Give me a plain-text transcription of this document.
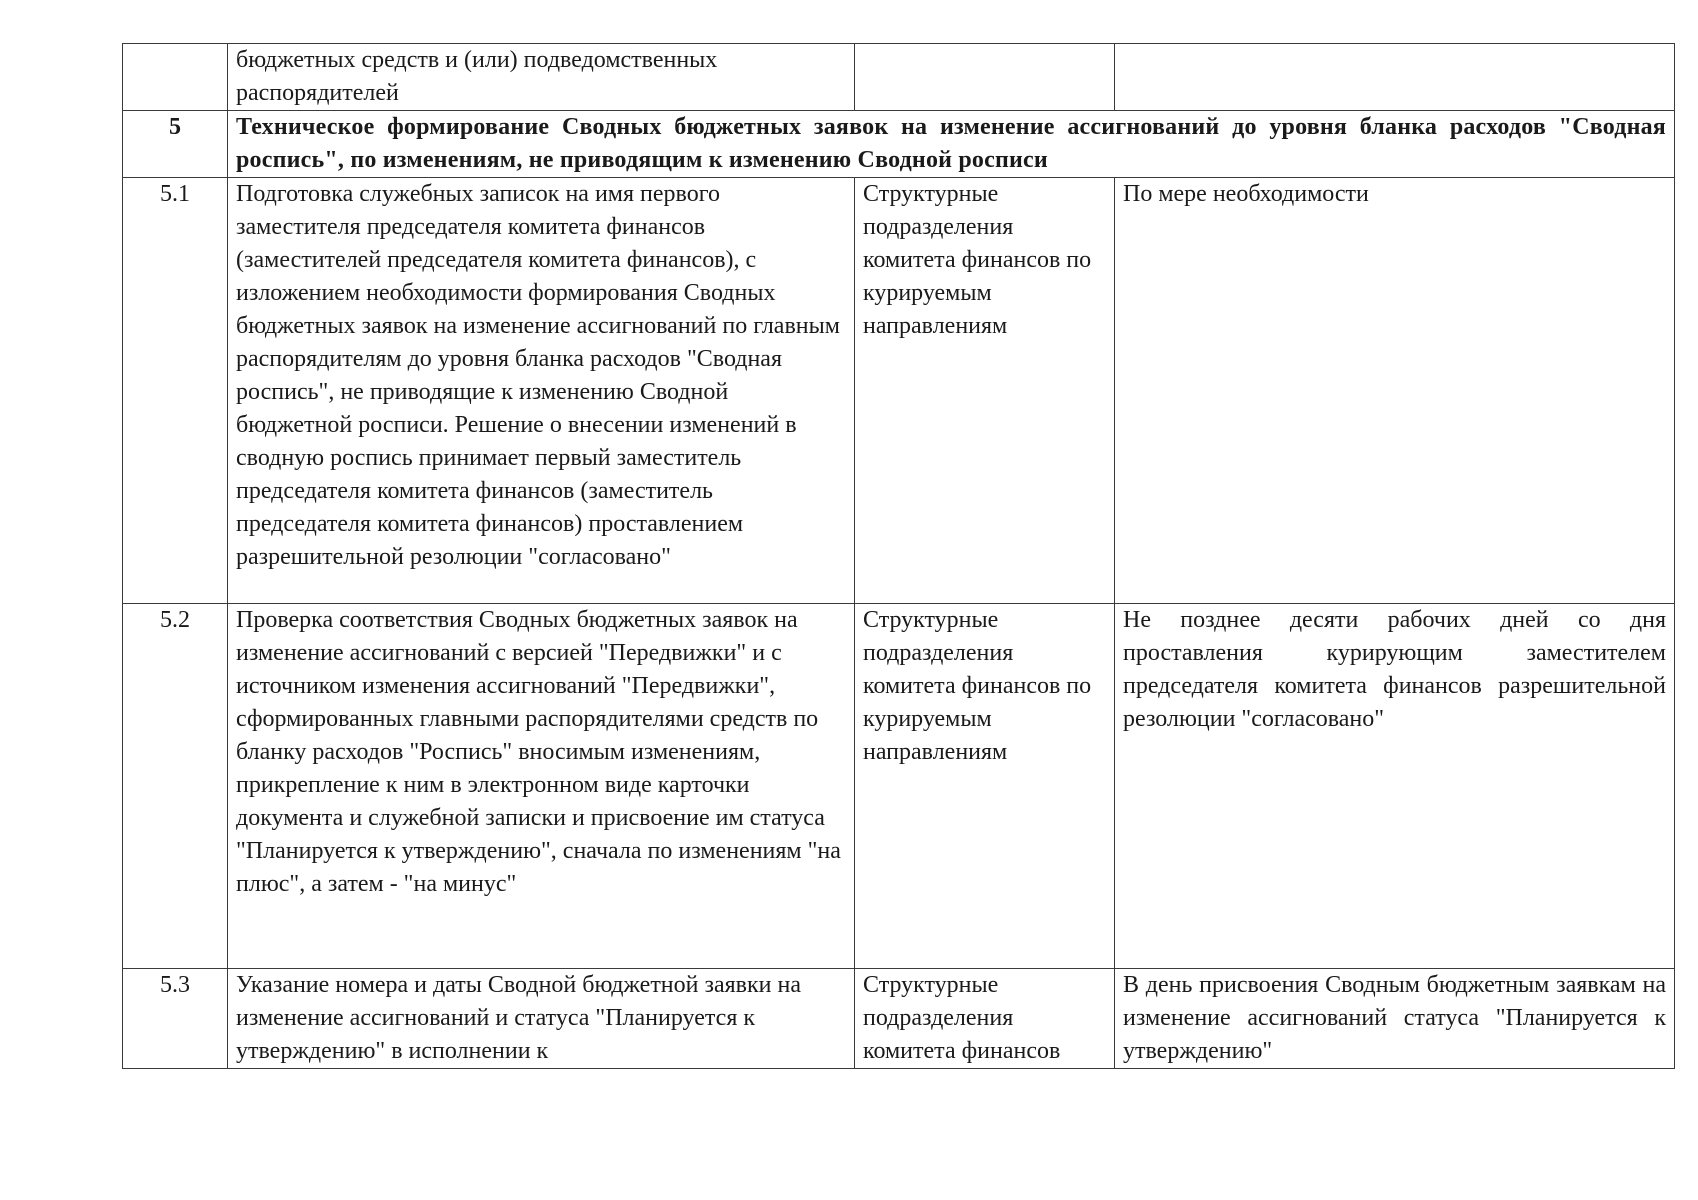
	бюджетных средств и (или) подведомственных распорядителей		

5	Техническое формирование Сводных бюджетных заявок на изменение ассигнований до уровня бланка расходов "Сводная роспись", по изменениям, не приводящим к изменению Сводной росписи		

5.1	Подготовка служебных записок на имя первого заместителя председателя комитета финансов (заместителей председателя комитета финансов), с изложением необходимости формирования Сводных бюджетных заявок на изменение ассигнований по главным распорядителям до уровня бланка расходов "Сводная роспись", не приводящие к изменению Сводной бюджетной росписи. Решение о внесении изменений в сводную роспись принимает первый заместитель председателя комитета финансов (заместитель председателя комитета финансов) проставлением разрешительной резолюции "согласовано"	Структурные подразделения комитета финансов по курируемым направлениям	По мере необходимости

5.2	Проверка соответствия Сводных бюджетных заявок на изменение ассигнований с версией "Передвижки" и с источником изменения ассигнований "Передвижки", сформированных главными распорядителями средств по бланку расходов "Роспись" вносимым изменениям, прикрепление к ним в электронном виде карточки документа и служебной записки и присвоение им статуса "Планируется к утверждению", сначала по изменениям "на плюс", а затем - "на минус"	Структурные подразделения комитета финансов по курируемым направлениям	Не позднее десяти рабочих дней со дня проставления курирующим заместителем председателя комитета финансов разрешительной резолюции "согласовано"

5.3	Указание номера и даты Сводной бюджетной заявки на изменение ассигнований и статуса "Планируется к утверждению" в исполнении к	Структурные подразделения комитета финансов	В день присвоения Сводным бюджетным заявкам на изменение ассигнований статуса "Планируется к утверждению"
